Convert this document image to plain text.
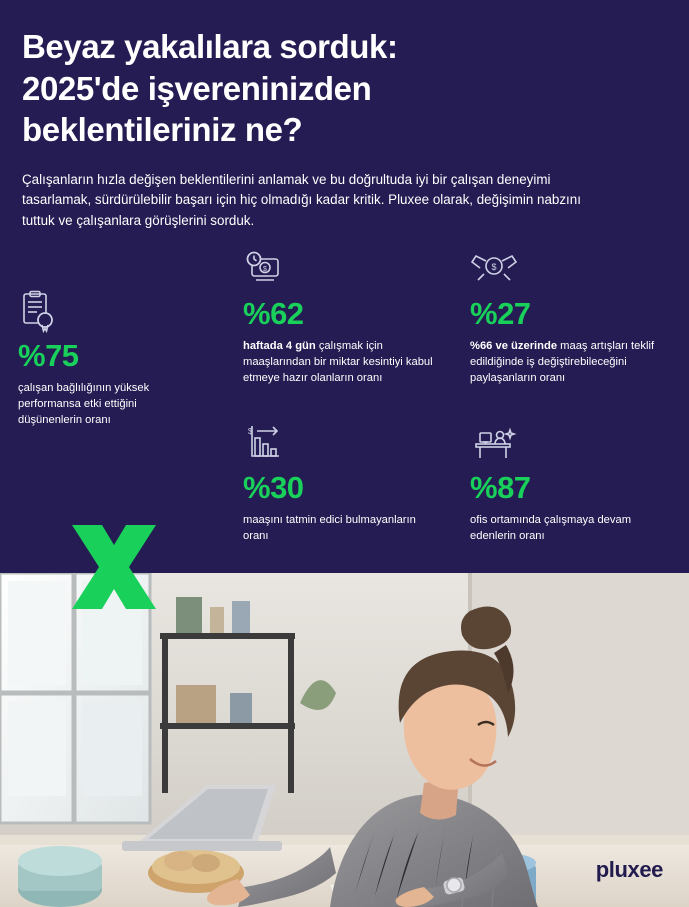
Beyaz yakalılara sorduk:
2025'de işvereninizden
beklentileriniz ne?

Çalışanların hızla değişen beklentilerini anlamak ve bu doğrultuda iyi bir çalışan deneyimi tasarlamak, sürdürülebilir başarı için hiç olmadığı kadar kritik. Pluxee olarak, değişimin nabzını tuttuk ve çalışanlara görüşlerini sorduk.

%75
çalışan bağlılığının yüksek performansa etki ettiğini düşünenlerin oranı
$
%62
haftada 4 gün çalışmak için maaşlarından bir miktar kesintiyi kabul etmeye hazır olanların oranı
$
%27
%66 ve üzerinde maaş artışları teklif edildiğinde iş değiştirebileceğini paylaşanların oranı
$
%30
maaşını tatmin edici bulmayanların oranı
%87
ofis ortamında çalışmaya devam edenlerin oranı
pluxee
